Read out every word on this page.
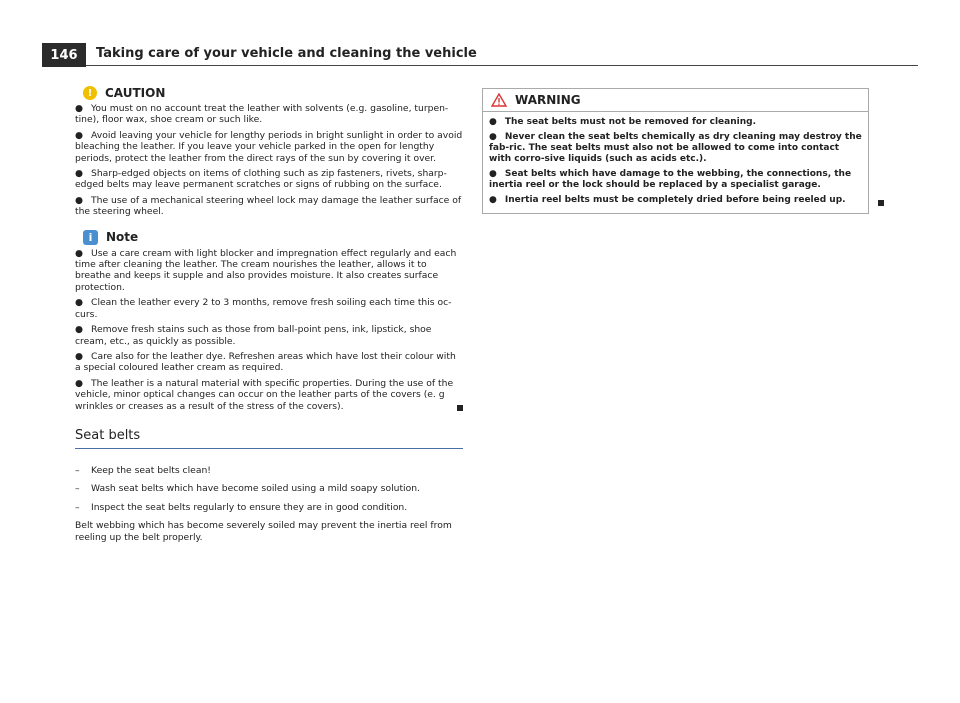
146	Taking care of your vehicle and cleaning the vehicle
!	CAUTION

● You must on no account treat the leather with solvents (e.g. gasoline, turpen-tine), floor wax, shoe cream or such like.

● Avoid leaving your vehicle for lengthy periods in bright sunlight in order to avoid bleaching the leather. If you leave your vehicle parked in the open for lengthy periods, protect the leather from the direct rays of the sun by covering it over.

● Sharp-edged objects on items of clothing such as zip fasteners, rivets, sharp-edged belts may leave permanent scratches or signs of rubbing on the surface.

● The use of a mechanical steering wheel lock may damage the leather surface of the steering wheel.

i	Note

● Use a care cream with light blocker and impregnation effect regularly and each time after cleaning the leather. The cream nourishes the leather, allows it to breathe and keeps it supple and also provides moisture. It also creates surface protection.

● Clean the leather every 2 to 3 months, remove fresh soiling each time this oc-curs.

● Remove fresh stains such as those from ball-point pens, ink, lipstick, shoe cream, etc., as quickly as possible.

● Care also for the leather dye. Refreshen areas which have lost their colour with a special coloured leather cream as required.

● The leather is a natural material with specific properties. During the use of the vehicle, minor optical changes can occur on the leather parts of the covers (e. g wrinkles or creases as a result of the stress of the covers).

Seat belts

– Keep the seat belts clean!

– Wash seat belts which have become soiled using a mild soapy solution.

– Inspect the seat belts regularly to ensure they are in good condition.

Belt webbing which has become severely soiled may prevent the inertia reel from reeling up the belt properly.
WARNING

● The seat belts must not be removed for cleaning.

● Never clean the seat belts chemically as dry cleaning may destroy the fab-ric. The seat belts must also not be allowed to come into contact with corro-sive liquids (such as acids etc.).

● Seat belts which have damage to the webbing, the connections, the inertia reel or the lock should be replaced by a specialist garage.

● Inertia reel belts must be completely dried before being reeled up.
